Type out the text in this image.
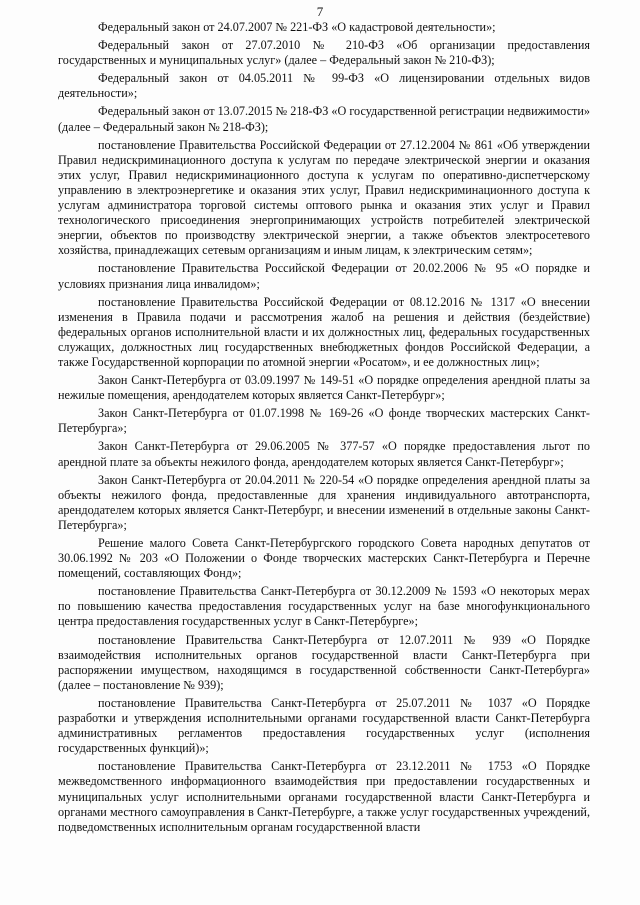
7

Федеральный закон от 24.07.2007 № 221-ФЗ «О кадастровой деятельности»;

Федеральный закон от 27.07.2010 № 210-ФЗ «Об организации предоставления государственных и муниципальных услуг» (далее – Федеральный закон № 210-ФЗ);

Федеральный закон от 04.05.2011 № 99-ФЗ «О лицензировании отдельных видов деятельности»;

Федеральный закон от 13.07.2015 № 218-ФЗ «О государственной регистрации недвижимости» (далее – Федеральный закон № 218-ФЗ);

постановление Правительства Российской Федерации от 27.12.2004 № 861 «Об утверждении Правил недискриминационного доступа к услугам по передаче электрической энергии и оказания этих услуг, Правил недискриминационного доступа к услугам по оперативно-диспетчерскому управлению в электроэнергетике и оказания этих услуг, Правил недискриминационного доступа к услугам администратора торговой системы оптового рынка и оказания этих услуг и Правил технологического присоединения энергопринимающих устройств потребителей электрической энергии, объектов по производству электрической энергии, а также объектов электросетевого хозяйства, принадлежащих сетевым организациям и иным лицам, к электрическим сетям»;

постановление Правительства Российской Федерации от 20.02.2006 № 95 «О порядке и условиях признания лица инвалидом»;

постановление Правительства Российской Федерации от 08.12.2016 № 1317 «О внесении изменения в Правила подачи и рассмотрения жалоб на решения и действия (бездействие) федеральных органов исполнительной власти и их должностных лиц, федеральных государственных служащих, должностных лиц государственных внебюджетных фондов Российской Федерации, а также Государственной корпорации по атомной энергии «Росатом», и ее должностных лиц»;

Закон Санкт-Петербурга от 03.09.1997 № 149-51 «О порядке определения арендной платы за нежилые помещения, арендодателем которых является Санкт-Петербург»;

Закон Санкт-Петербурга от 01.07.1998 № 169-26 «О фонде творческих мастерских Санкт-Петербурга»;

Закон Санкт-Петербурга от 29.06.2005 № 377-57 «О порядке предоставления льгот по арендной плате за объекты нежилого фонда, арендодателем которых является Санкт-Петербург»;

Закон Санкт-Петербурга от 20.04.2011 № 220-54 «О порядке определения арендной платы за объекты нежилого фонда, предоставленные для хранения индивидуального автотранспорта, арендодателем которых является Санкт-Петербург, и внесении изменений в отдельные законы Санкт-Петербурга»;

Решение малого Совета Санкт-Петербургского городского Совета народных депутатов от 30.06.1992 № 203 «О Положении о Фонде творческих мастерских Санкт-Петербурга и Перечне помещений, составляющих Фонд»;

постановление Правительства Санкт-Петербурга от 30.12.2009 № 1593 «О некоторых мерах по повышению качества предоставления государственных услуг на базе многофункционального центра предоставления государственных услуг в Санкт-Петербурге»;

постановление Правительства Санкт-Петербурга от 12.07.2011 № 939 «О Порядке взаимодействия исполнительных органов государственной власти Санкт-Петербурга при распоряжении имуществом, находящимся в государственной собственности Санкт-Петербурга» (далее – постановление № 939);

постановление Правительства Санкт-Петербурга от 25.07.2011 № 1037 «О Порядке разработки и утверждения исполнительными органами государственной власти Санкт-Петербурга административных регламентов предоставления государственных услуг (исполнения государственных функций)»;

постановление Правительства Санкт-Петербурга от 23.12.2011 № 1753 «О Порядке межведомственного информационного взаимодействия при предоставлении государственных и муниципальных услуг исполнительными органами государственной власти Санкт-Петербурга и органами местного самоуправления в Санкт-Петербурге, а также услуг государственных учреждений, подведомственных исполнительным органам государственной власти
